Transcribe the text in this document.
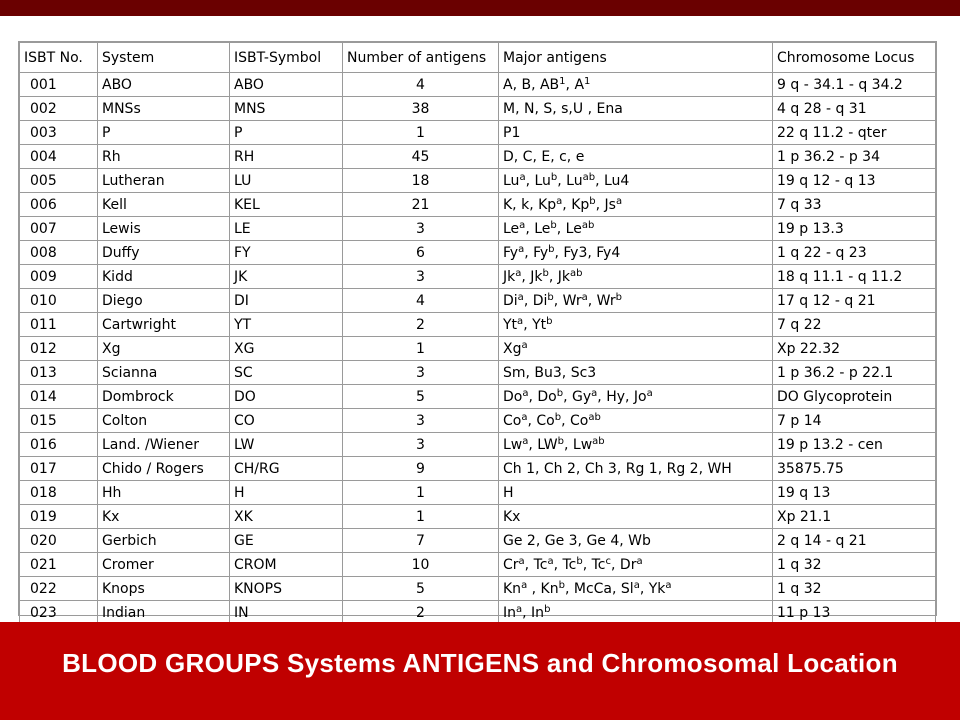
ISBT No.	System	ISBT-Symbol	Number of antigens	Major antigens	Chromosome Locus
001	ABO	ABO	4	A, B, $AB^1$, $A^1$	9 q - 34.1 - q 34.2
002	MNSs	MNS	38	M, N, S, s,U , Ena	4 q 28 - q 31
003	P	P	1	P1	22 q 11.2 - qter
004	Rh	RH	45	D, C, E, c, e	1 p 36.2 - p 34
005	Lutheran	LU	18	Lu$^a$, Lu$^b$, $Lu^{ab}$, Lu4	19 q 12 - q 13
006	Kell	KEL	21	K, k, Kp$^a$, Kp$^b$, Js$^a$	7 q 33
007	Lewis	LE	3	Le$^a$, Le$^b$, $Le^{ab}$	19 p 13.3
008	Duffy	FY	6	Fy$^a$, Fy$^b$, Fy3, Fy4	1 q 22 - q 23
009	Kidd	JK	3	Jk$^a$, Jk$^b$, $Jk^{ab}$	18 q 11.1 - q 11.2
010	Diego	DI	4	Di$^a$, Di$^b$, Wr$^a$, Wr$^b$	17 q 12 - q 21
011	Cartwright	YT	2	Yt$^a$, Yt$^b$	7 q 22
012	Xg	XG	1	Xg$^a$	Xp 22.32
013	Scianna	SC	3	Sm, Bu3, Sc3	1 p 36.2 - p 22.1
014	Dombrock	DO	5	Do$^a$, Do$^b$, Gy$^a$, Hy, Jo$^a$	DO Glycoprotein
015	Colton	CO	3	Co$^a$, Co$^b$, $Co^{ab}$	7 p 14
016	Land. /Wiener	LW	3	Lw$^a$, $LW^b$, $Lw^{ab}$	19 p 13.2 - cen
017	Chido / Rogers	CH/RG	9	Ch 1, Ch 2, Ch 3, Rg 1, Rg 2, WH	35875.75
018	Hh	H	1	H	19 q 13
019	Kx	XK	1	Kx	Xp 21.1
020	Gerbich	GE	7	Ge 2, Ge 3, Ge 4, Wb	2 q 14 - q 21
021	Cromer	CROM	10	Cr$^a$, Tc$^a$, Tc$^b$, Tc$^c$, Dr$^a$	1 q 32
022	Knops	KNOPS	5	Kn$^a$ , Kn$^b$, McCa, Sl$^a$, Yk$^a$	1 q 32
023	Indian	IN	2	In$^a$, In$^b$	11 p 13
BLOOD GROUPS Systems ANTIGENS and Chromosomal Location
